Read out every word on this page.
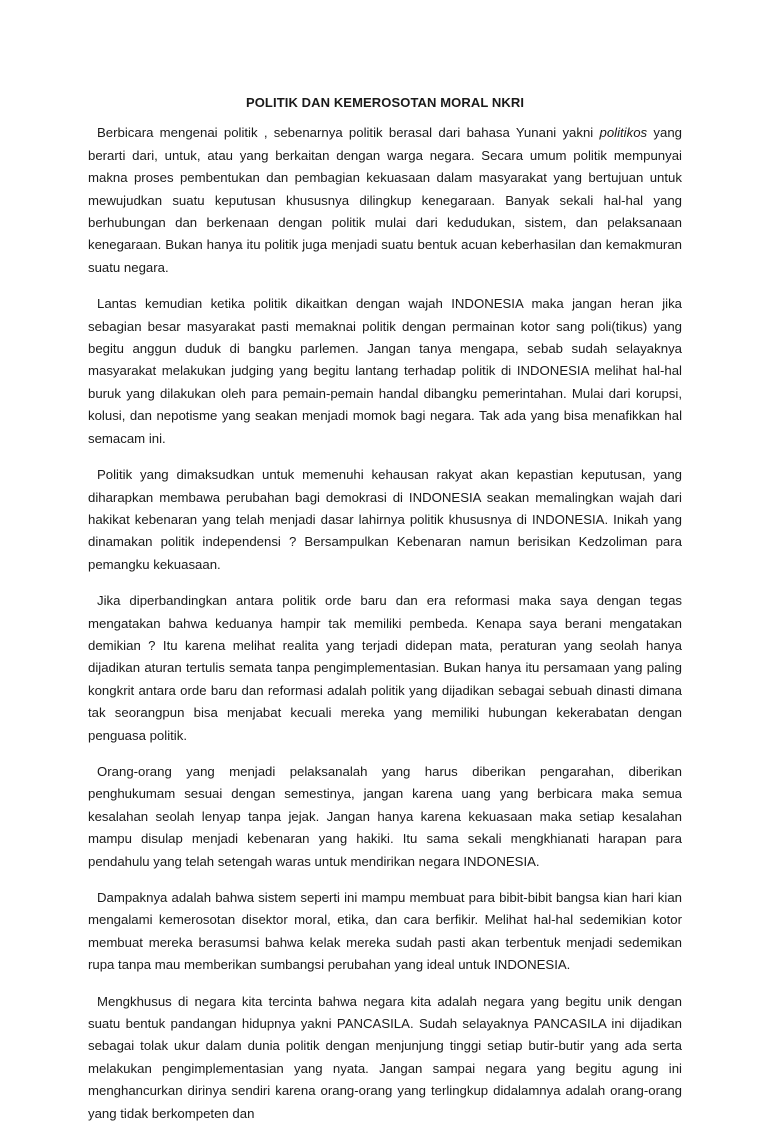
POLITIK DAN KEMEROSOTAN MORAL NKRI

Berbicara mengenai politik , sebenarnya politik berasal dari bahasa Yunani yakni politikos yang berarti dari, untuk, atau yang berkaitan dengan warga negara. Secara umum politik mempunyai makna proses pembentukan dan pembagian kekuasaan dalam masyarakat yang bertujuan untuk mewujudkan suatu keputusan khususnya dilingkup kenegaraan. Banyak sekali hal-hal yang berhubungan dan berkenaan dengan politik mulai dari kedudukan, sistem, dan pelaksanaan kenegaraan. Bukan hanya itu politik juga menjadi suatu bentuk acuan keberhasilan dan kemakmuran suatu negara.

Lantas kemudian ketika politik dikaitkan dengan wajah INDONESIA maka jangan heran jika sebagian besar masyarakat pasti memaknai politik dengan permainan kotor sang poli(tikus) yang begitu anggun duduk di bangku parlemen. Jangan tanya mengapa, sebab sudah selayaknya masyarakat melakukan judging yang begitu lantang terhadap politik di INDONESIA melihat hal-hal buruk yang dilakukan oleh para pemain-pemain handal dibangku pemerintahan. Mulai dari korupsi, kolusi, dan nepotisme yang seakan menjadi momok bagi negara. Tak ada yang bisa menafikkan hal semacam ini.

Politik yang dimaksudkan untuk memenuhi kehausan rakyat akan kepastian keputusan, yang diharapkan membawa perubahan bagi demokrasi di INDONESIA seakan memalingkan wajah dari hakikat kebenaran yang telah menjadi dasar lahirnya politik khususnya di INDONESIA. Inikah yang dinamakan politik independensi ? Bersampulkan Kebenaran namun berisikan Kedzoliman para pemangku kekuasaan.

Jika diperbandingkan antara politik orde baru dan era reformasi maka saya dengan tegas mengatakan bahwa keduanya hampir tak memiliki pembeda. Kenapa saya berani mengatakan demikian ? Itu karena melihat realita yang terjadi didepan mata, peraturan yang seolah hanya dijadikan aturan tertulis semata tanpa pengimplementasian. Bukan hanya itu persamaan yang paling kongkrit antara orde baru dan reformasi adalah politik yang dijadikan sebagai sebuah dinasti dimana tak seorangpun bisa menjabat kecuali mereka yang memiliki hubungan kekerabatan dengan penguasa politik.

Orang-orang yang menjadi pelaksanalah yang harus diberikan pengarahan, diberikan penghukumam sesuai dengan semestinya, jangan karena uang yang berbicara maka semua kesalahan seolah lenyap tanpa jejak. Jangan hanya karena kekuasaan maka setiap kesalahan mampu disulap menjadi kebenaran yang hakiki. Itu sama sekali mengkhianati harapan para pendahulu yang telah setengah waras untuk mendirikan negara INDONESIA.

Dampaknya adalah bahwa sistem seperti ini mampu membuat para bibit-bibit bangsa kian hari kian mengalami kemerosotan disektor moral, etika, dan cara berfikir. Melihat hal-hal sedemikian kotor membuat mereka berasumsi bahwa kelak mereka sudah pasti akan terbentuk menjadi sedemikan rupa tanpa mau memberikan sumbangsi perubahan yang ideal untuk INDONESIA.

Mengkhusus di negara kita tercinta bahwa negara kita adalah negara yang begitu unik dengan suatu bentuk pandangan hidupnya yakni PANCASILA. Sudah selayaknya PANCASILA ini dijadikan sebagai tolak ukur dalam dunia politik dengan menjunjung tinggi setiap butir-butir yang ada serta melakukan pengimplementasian yang nyata. Jangan sampai negara yang begitu agung ini menghancurkan dirinya sendiri karena orang-orang yang terlingkup didalamnya adalah orang-orang yang tidak berkompeten dan
